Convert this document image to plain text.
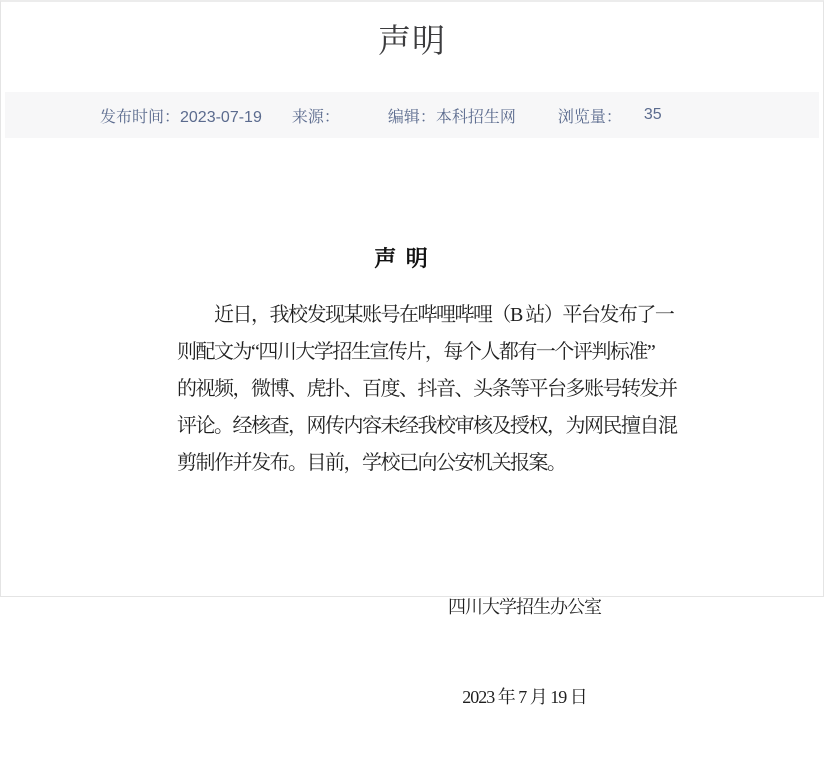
声明
发布时间：2023-07-19 来源：	编辑：本科招生网	浏览量： 35
声 明
近日，我校发现某账号在哔哩哔哩（B 站）平台发布了一
则配文为“四川大学招生宣传片，每个人都有一个评判标准”
的视频，微博、虎扑、百度、抖音、头条等平台多账号转发并
评论。经核查，网传内容未经我校审核及授权，为网民擅自混
剪制作并发布。目前，学校已向公安机关报案。

四川大学招生办公室

2023 年 7 月 19 日
